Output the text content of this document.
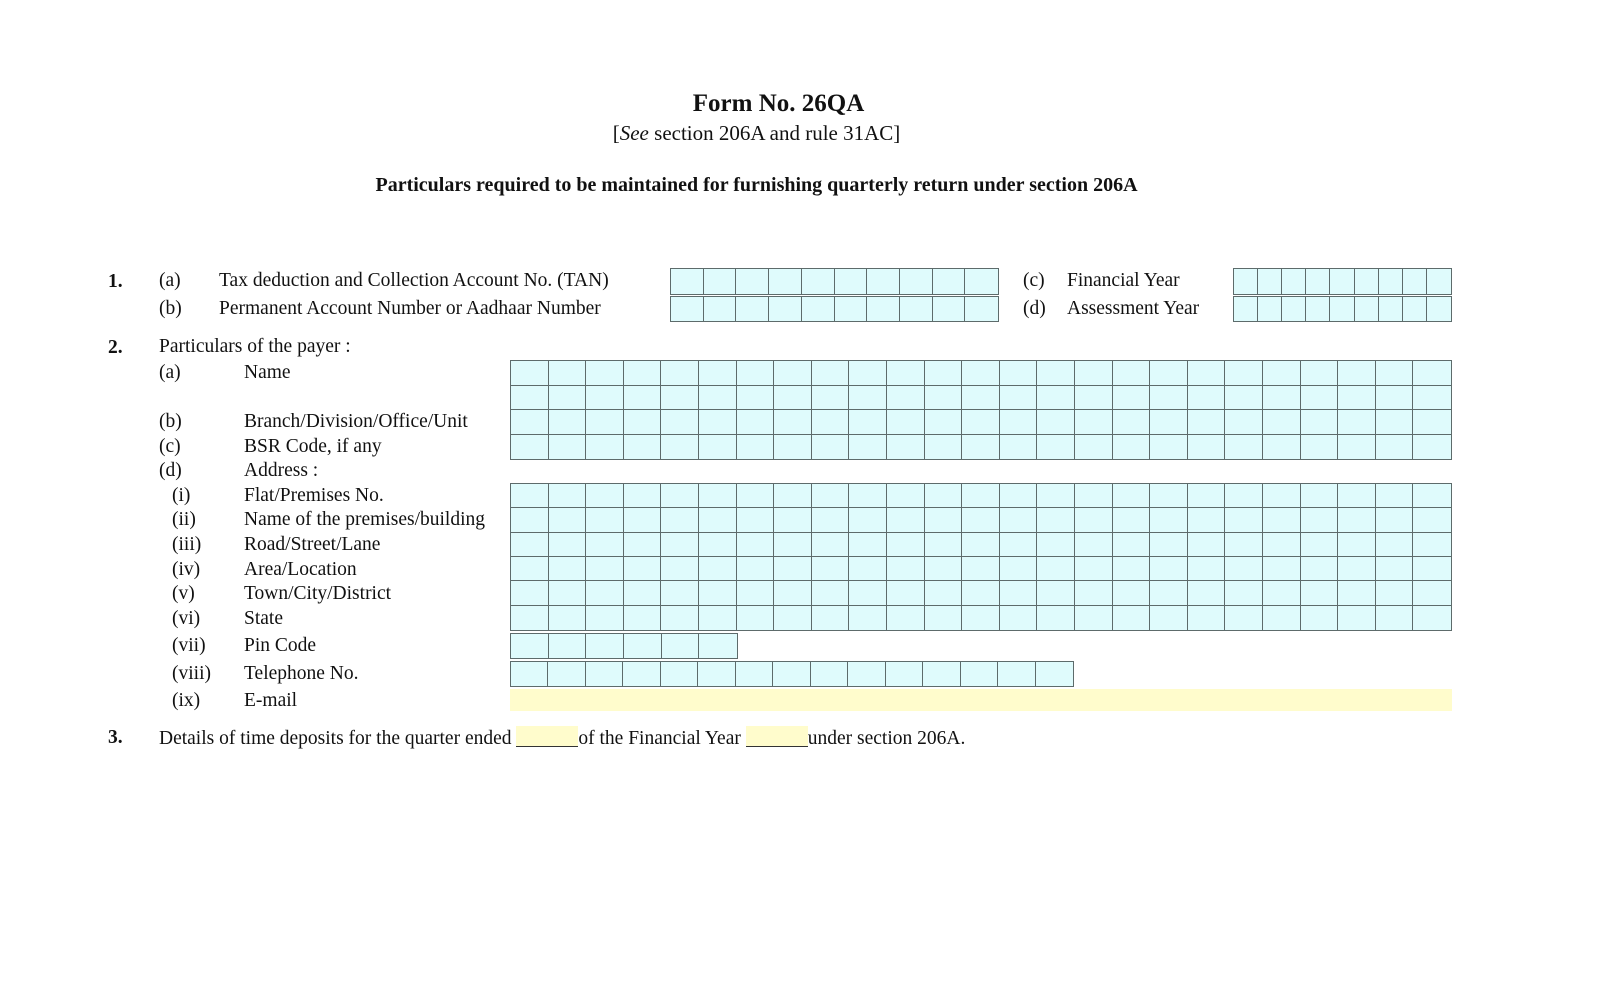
Form No. 26QA
[See section 206A and rule 31AC]
Particulars required to be maintained for furnishing quarterly return under section 206A
1. (a) Tax deduction and Collection Account No. (TAN)
(b) Permanent Account Number or Aadhaar Number
(c) Financial Year
(d) Assessment Year
2. Particulars of the payer :
(a)	Name
(b)	Branch/Division/Office/Unit
(c)	BSR Code, if any
(d)	Address :
(i)	Flat/Premises No.
(ii) Name of the premises/building
(iii) Road/Street/Lane
(iv) Area/Location
(v)	Town/City/District
(vi) State
(vii) Pin Code
(viii) Telephone No.
(ix) E-mail
3. Details of time deposits for the quarter ended	of the Financial Year	under section 206A.
